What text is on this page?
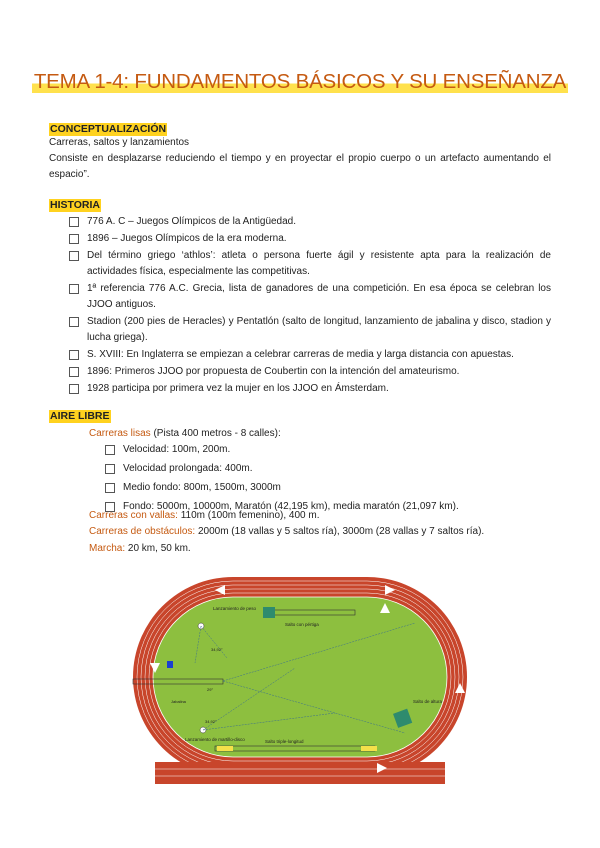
TEMA 1-4: FUNDAMENTOS BÁSICOS Y SU ENSEÑANZA
CONCEPTUALIZACIÓN
Carreras, saltos y lanzamientos
Consiste en desplazarse reduciendo el tiempo y en proyectar el propio cuerpo o un artefacto aumentando el espacio”.
HISTORIA
776 A. C – Juegos Olímpicos de la Antigüedad.
1896 – Juegos Olímpicos de la era moderna.
Del término griego ‘athlos’: atleta o persona fuerte ágil y resistente apta para la realización de actividades física, especialmente las competitivas.
1ª referencia 776 A.C. Grecia, lista de ganadores de una competición. En esa época se celebran los JJOO antiguos.
Stadion (200 pies de Heracles) y Pentatlón (salto de longitud, lanzamiento de jabalina y disco, stadion y lucha griega).
S. XVIII: En Inglaterra se empiezan a celebrar carreras de media y larga distancia con apuestas.
1896: Primeros JJOO por propuesta de Coubertin con la intención del amateurismo.
1928 participa por primera vez la mujer en los JJOO en Ámsterdam.
AIRE LIBRE
Carreras lisas (Pista 400 metros - 8 calles):
Velocidad: 100m, 200m.
Velocidad prolongada: 400m.
Medio fondo: 800m, 1500m, 3000m
Fondo: 5000m, 10000m, Maratón (42,195 km), media maratón (21,097 km).
Carreras con vallas: 110m (100m femenino), 400 m.
Carreras de obstáculos: 2000m (18 vallas y 5 saltos ría), 3000m (28 vallas y 7 saltos ría).
Marcha: 20 km, 50 km.
Salto con pértiga
Lanzamiento de peso
34,92°
Jabalina
29°
Lanzamiento de martillo-disco
34,92°
Salto triple-longitud
Salto de altura
